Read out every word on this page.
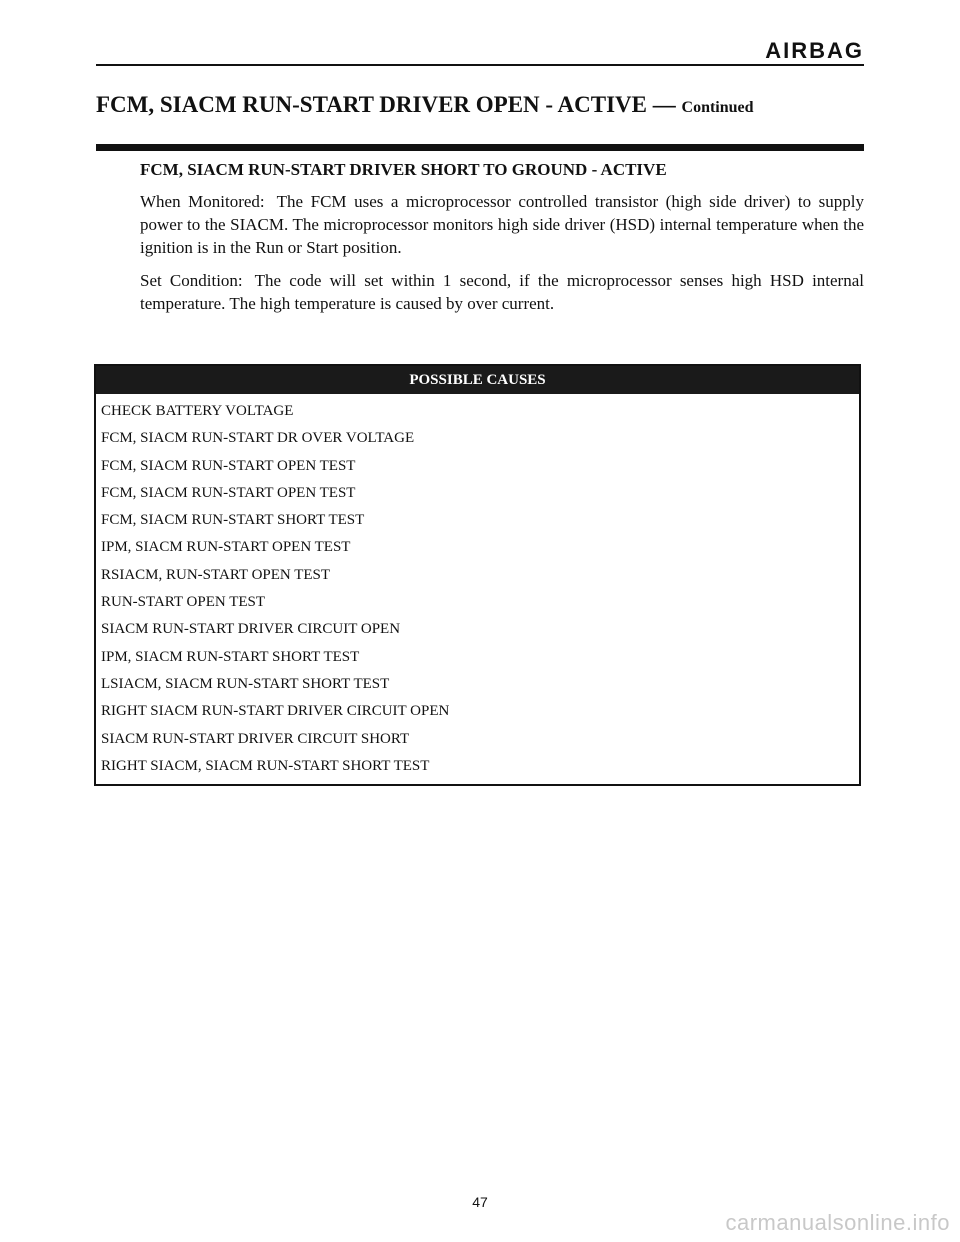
AIRBAG
FCM, SIACM RUN-START DRIVER OPEN - ACTIVE — Continued
FCM, SIACM RUN-START DRIVER SHORT TO GROUND - ACTIVE

When Monitored: The FCM uses a microprocessor controlled transistor (high side driver) to supply power to the SIACM. The microprocessor monitors high side driver (HSD) internal temperature when the ignition is in the Run or Start position.

Set Condition: The code will set within 1 second, if the microprocessor senses high HSD internal temperature. The high temperature is caused by over current.

POSSIBLE CAUSES
CHECK BATTERY VOLTAGE
FCM, SIACM RUN-START DR OVER VOLTAGE
FCM, SIACM RUN-START OPEN TEST
FCM, SIACM RUN-START OPEN TEST
FCM, SIACM RUN-START SHORT TEST
IPM, SIACM RUN-START OPEN TEST
RSIACM, RUN-START OPEN TEST
RUN-START OPEN TEST
SIACM RUN-START DRIVER CIRCUIT OPEN
IPM, SIACM RUN-START SHORT TEST
LSIACM, SIACM RUN-START SHORT TEST
RIGHT SIACM RUN-START DRIVER CIRCUIT OPEN
SIACM RUN-START DRIVER CIRCUIT SHORT
RIGHT SIACM, SIACM RUN-START SHORT TEST
47
carmanualsonline.info
